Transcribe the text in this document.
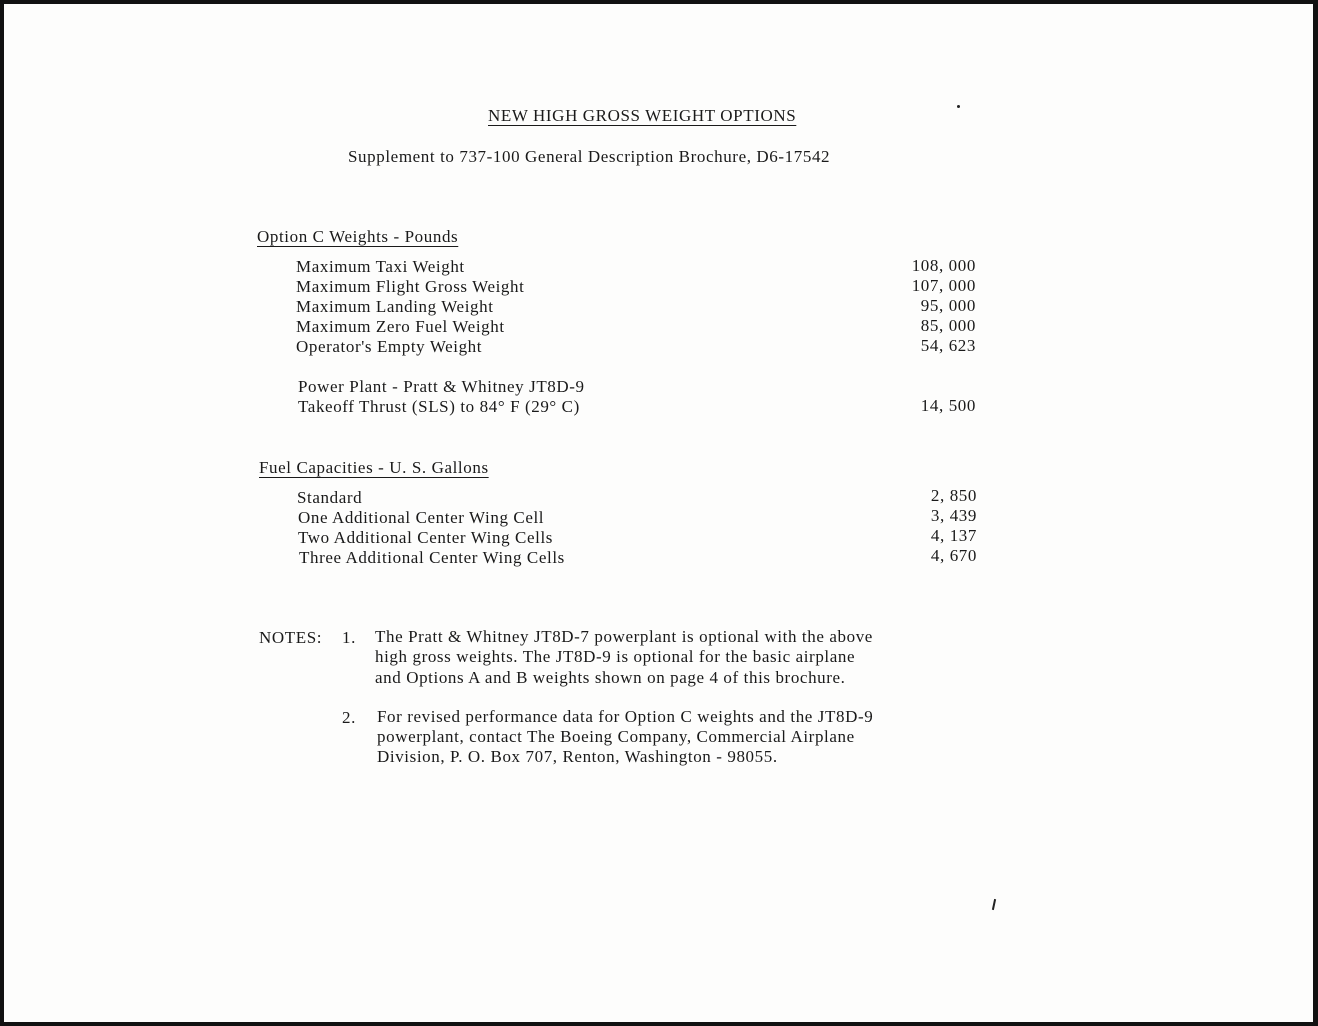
NEW HIGH GROSS WEIGHT OPTIONS
Supplement to 737-100 General Description Brochure, D6-17542
Option C Weights - Pounds
Maximum Taxi Weight	108, 000
Maximum Flight Gross Weight	107, 000
Maximum Landing Weight	95, 000
Maximum Zero Fuel Weight	85, 000
Operator's Empty Weight	54, 623
Power Plant - Pratt & Whitney JT8D-9
Takeoff Thrust (SLS) to 84° F (29° C)	14, 500
Fuel Capacities - U. S. Gallons
Standard	2, 850
One Additional Center Wing Cell	3, 439
Two Additional Center Wing Cells	4, 137
Three Additional Center Wing Cells	4, 670
NOTES: 1. The Pratt & Whitney JT8D-7 powerplant is optional with the above
high gross weights. The JT8D-9 is optional for the basic airplane
and Options A and B weights shown on page 4 of this brochure.
2. For revised performance data for Option C weights and the JT8D-9
powerplant, contact The Boeing Company, Commercial Airplane
Division, P. O. Box 707, Renton, Washington - 98055.
